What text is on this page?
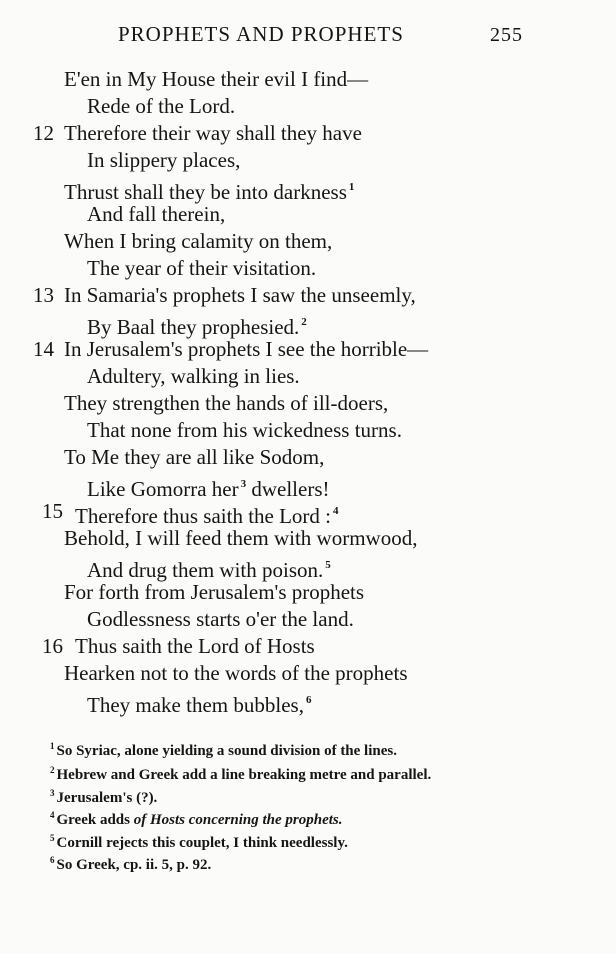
PROPHETS AND PROPHETS	255
E'en in My House their evil I find—
Rede of the Lord.
12 Therefore their way shall they have
In slippery places,
Thrust shall they be into darkness $^1$
And fall therein,
When I bring calamity on them,
The year of their visitation.
13 In Samaria's prophets I saw the unseemly,
By Baal they prophesied. $^2$
14 In Jerusalem's prophets I see the horrible—
Adultery, walking in lies.
They strengthen the hands of ill-doers,
That none from his wickedness turns.
To Me they are all like Sodom,
Like Gomorra her $^3$ dwellers!
15 Therefore thus saith the Lord : $^4$
Behold, I will feed them with wormwood,
And drug them with poison. $^5$
For forth from Jerusalem's prophets
Godlessness starts o'er the land.
16 Thus saith the Lord of Hosts
Hearken not to the words of the prophets
They make them bubbles, $^6$
$^1$ So Syriac, alone yielding a sound division of the lines.
$^2$ Hebrew and Greek add a line breaking metre and parallel.
$^3$ Jerusalem's (?).
$^4$ Greek adds of Hosts concerning the prophets.
$^5$ Cornill rejects this couplet, I think needlessly.
$^6$ So Greek, cp. ii. 5, p. 92.
